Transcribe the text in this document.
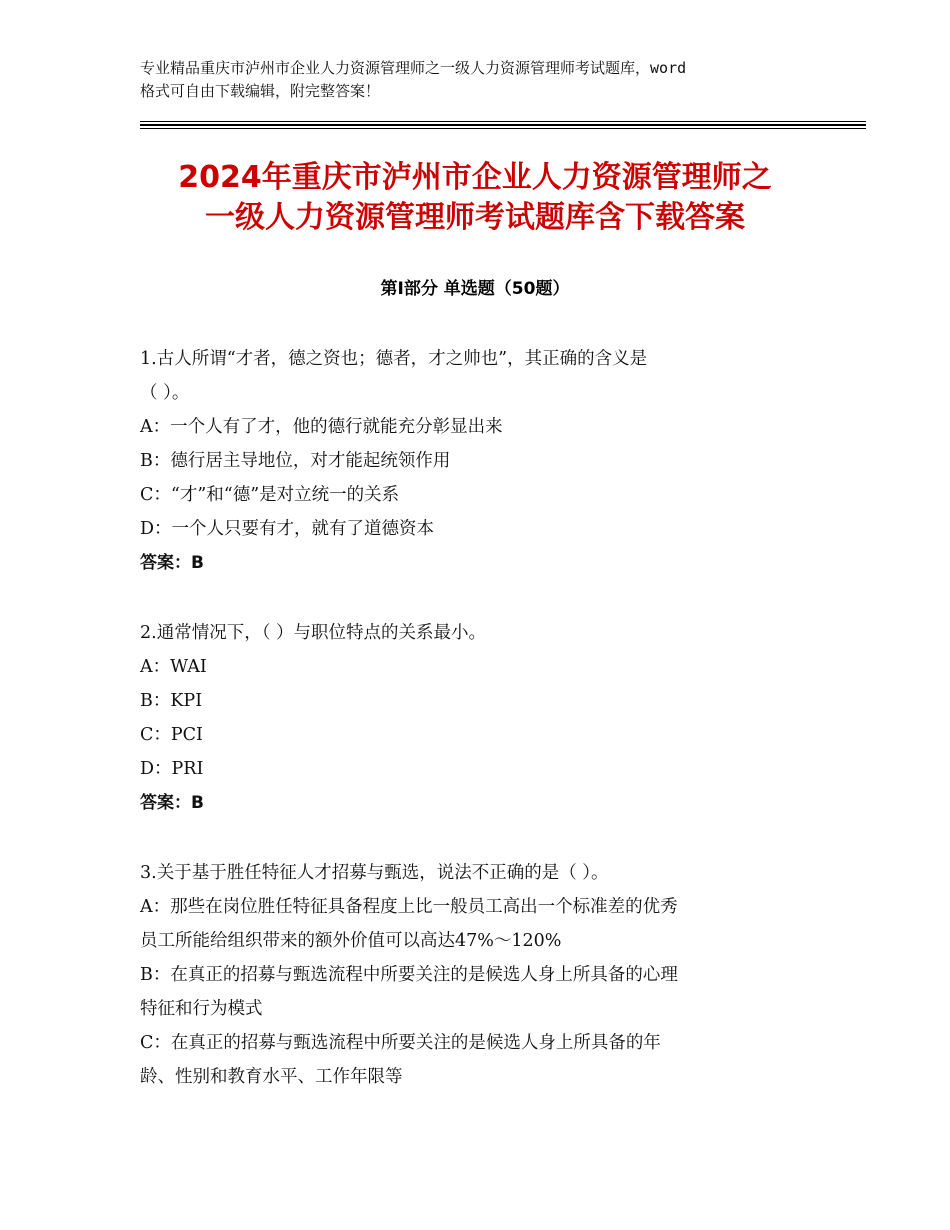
专业精品重庆市泸州市企业人力资源管理师之一级人力资源管理师考试题库，word
格式可自由下载编辑，附完整答案！
2024年重庆市泸州市企业人力资源管理师之
一级人力资源管理师考试题库含下载答案
第Ⅰ部分 单选题（50题）
1.古人所谓“才者，德之资也；德者，才之帅也”，其正确的含义是
（ ）。
A：一个人有了才，他的德行就能充分彰显出来
B：德行居主导地位，对才能起统领作用
C：“才”和“德”是对立统一的关系
D：一个人只要有才，就有了道德资本
答案：B
2.通常情况下，（ ）与职位特点的关系最小。
A：WAI
B：KPI
C：PCI
D：PRI
答案：B
3.关于基于胜任特征人才招募与甄选，说法不正确的是（ ）。
A：那些在岗位胜任特征具备程度上比一般员工高出一个标准差的优秀
员工所能给组织带来的额外价值可以高达47%～120%
B：在真正的招募与甄选流程中所要关注的是候选人身上所具备的心理
特征和行为模式
C：在真正的招募与甄选流程中所要关注的是候选人身上所具备的年
龄、性别和教育水平、工作年限等
